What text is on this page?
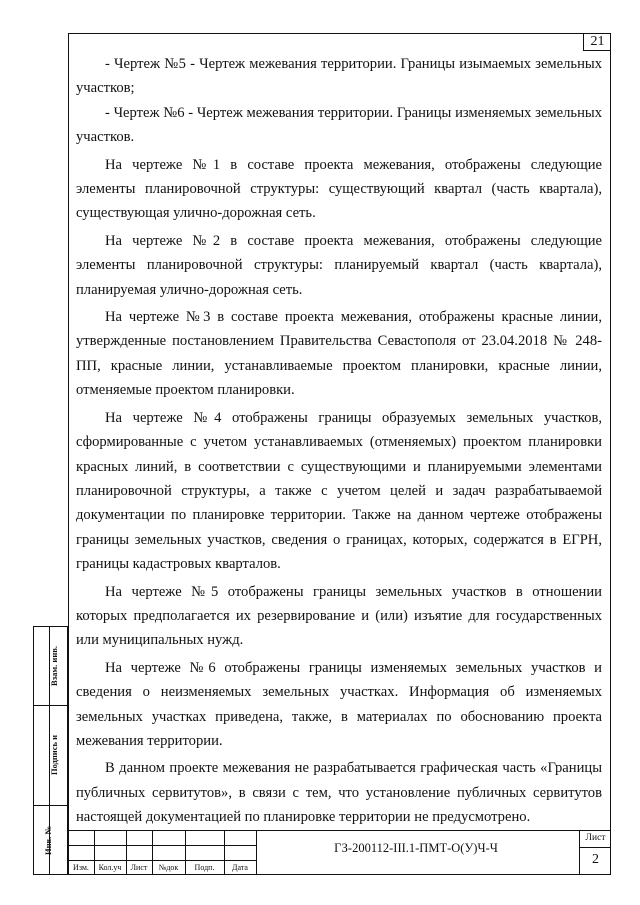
21

- Чертеж №5 - Чертеж межевания территории. Границы изымаемых земельных участков;

- Чертеж №6 - Чертеж межевания территории. Границы изменяемых земельных участков.

На чертеже №1 в составе проекта межевания, отображены следующие элементы планировочной структуры: существующий квартал (часть квартала), существующая улично-дорожная сеть.

На чертеже №2 в составе проекта межевания, отображены следующие элементы планировочной структуры: планируемый квартал (часть квартала), планируемая улично-дорожная сеть.

На чертеже №3 в составе проекта межевания, отображены красные линии, утвержденные постановлением Правительства Севастополя от 23.04.2018 № 248-ПП, красные линии, устанавливаемые проектом планировки, красные линии, отменяемые проектом планировки.

На чертеже №4 отображены границы образуемых земельных участков, сформированные с учетом устанавливаемых (отменяемых) проектом планировки красных линий, в соответствии с существующими и планируемыми элементами планировочной структуры, а также с учетом целей и задач разрабатываемой документации по планировке территории. Также на данном чертеже отображены границы земельных участков, сведения о границах, которых, содержатся в ЕГРН, границы кадастровых кварталов.

На чертеже №5 отображены границы земельных участков в отношении которых предполагается их резервирование и (или) изъятие для государственных или муниципальных нужд.

На чертеже №6 отображены границы изменяемых земельных участков и сведения о неизменяемых земельных участках. Информация об изменяемых земельных участках приведена, также, в материалах по обоснованию проекта межевания территории.

В данном проекте межевания не разрабатывается графическая часть «Границы публичных сервитутов», в связи с тем, что установление публичных сервитутов настоящей документацией по планировке территории не предусмотрено.

Взам. инв.
Подпись и
Инв. №
Изм.	Кол.уч	Лист	№док	Подп.	Дата
ГЗ-200112-III.1-ПМТ-О(У)Ч-Ч
Лист
2
